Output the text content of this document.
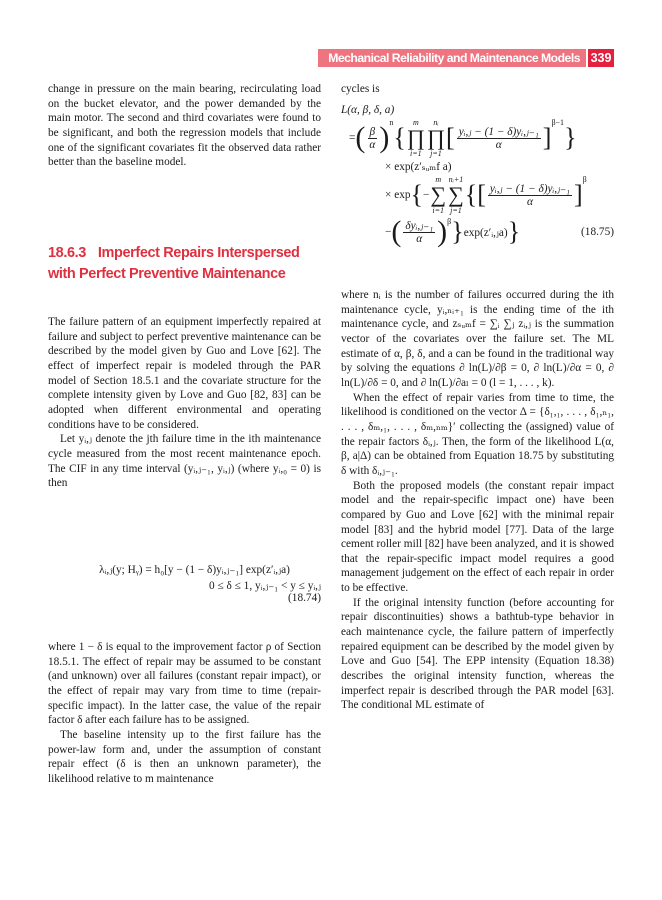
Mechanical Reliability and Maintenance Models 339

change in pressure on the main bearing, recirculating load on the bucket elevator, and the power demanded by the main motor. The second and third covariates were found to be significant, and both the regression models that include one of the significant covariates fit the observed data rather better than the baseline model.

18.6.3 Imperfect Repairs Interspersed with Perfect Preventive Maintenance

The failure pattern of an equipment imperfectly repaired at failure and subject to perfect preventive maintenance can be described by the model given by Guo and Love [62]. The effect of imperfect repair is modeled through the PAR model of Section 18.5.1 and the covariate structure for the complete intensity given by Love and Guo [82, 83] can be adopted when different environmental and operating conditions have to be considered.

Let yᵢ,ⱼ denote the jth failure time in the ith maintenance cycle measured from the most recent maintenance epoch. The CIF in any time interval (yᵢ,ⱼ₋₁, yᵢ,ⱼ) (where yᵢ,₀ = 0) is then

λᵢ,ⱼ(y; Hᵧ) = h₀[y − (1 − δ)yᵢ,ⱼ₋₁] exp(z′ᵢ,ⱼa)
0 ≤ δ ≤ 1, yᵢ,ⱼ₋₁ < y ≤ yᵢ,ⱼ
(18.74)

where 1 − δ is equal to the improvement factor ρ of Section 18.5.1. The effect of repair may be assumed to be constant (and unknown) over all failures (constant repair impact), or the effect of repair may vary from time to time (repair-specific impact). In the latter case, the value of the repair factor δ after each failure has to be assigned.

The baseline intensity up to the first failure has the power-law form and, under the assumption of constant repair effect (δ is then an unknown parameter), the likelihood relative to m maintenance

cycles is

L(α, β, δ, a)
= ( $\frac{\beta}{\alpha} )^n$
{
m
∏
i=1
nᵢ
∏
j=1
[ $\frac{\text{yᵢ,ⱼ − (1 − δ)yᵢ,ⱼ₋₁}}{\alpha}$ ]
$^{\beta-1}$
}
× exp(z′ₛᵤₘf a)
× exp { −
m
∑
i=1
nᵢ+1
∑
j=1
{ [ $\frac{\text{yᵢ,ⱼ − (1 − δ)yᵢ,ⱼ₋₁}}{\alpha}$ ]
$^\beta$
− ( $\frac{\text{δyᵢ,ⱼ₋₁}}{\alpha} )^\beta$ } exp(z′ᵢ,ⱼa) }	(18.75)

where nᵢ is the number of failures occurred during the ith maintenance cycle, yᵢ,ₙᵢ₊₁ is the ending time of the ith maintenance cycle, and zₛᵤₘf = ∑ᵢ ∑ⱼ zᵢ,ⱼ is the summation vector of the covariates over the failure set. The ML estimate of α, β, δ, and a can be found in the traditional way by solving the equations ∂ ln(L)/∂β = 0, ∂ ln(L)/∂α = 0, ∂ ln(L)/∂δ = 0, and ∂ ln(L)/∂aₗ = 0 (l = 1, . . . , k).

When the effect of repair varies from time to time, the likelihood is conditioned on the vector Δ = {δ₁,₁, . . . , δ₁,ₙ₁, . . . , δₘ,₁, . . . , δₘ,ₙₘ}′ collecting the (assigned) value of the repair factors δᵢ,ⱼ. Then, the form of the likelihood L(α, β, a|Δ) can be obtained from Equation 18.75 by substituting δ with δᵢ,ⱼ₋₁.

Both the proposed models (the constant repair impact model and the repair-specific impact one) have been compared by Guo and Love [62] with the minimal repair model [83] and the hybrid model [77]. Data of the large cement roller mill [82] have been analyzed, and it is showed that the repair-specific impact model requires a good management judgement on the effect of each repair in order to be effective.

If the original intensity function (before accounting for repair discontinuities) shows a bathtub-type behavior in each maintenance cycle, the failure pattern of imperfectly repaired equipment can be described by the model given by Love and Guo [54]. The EPP intensity (Equation 18.38) describes the original intensity function, whereas the imperfect repair is described through the PAR model [63]. The conditional ML estimate of
